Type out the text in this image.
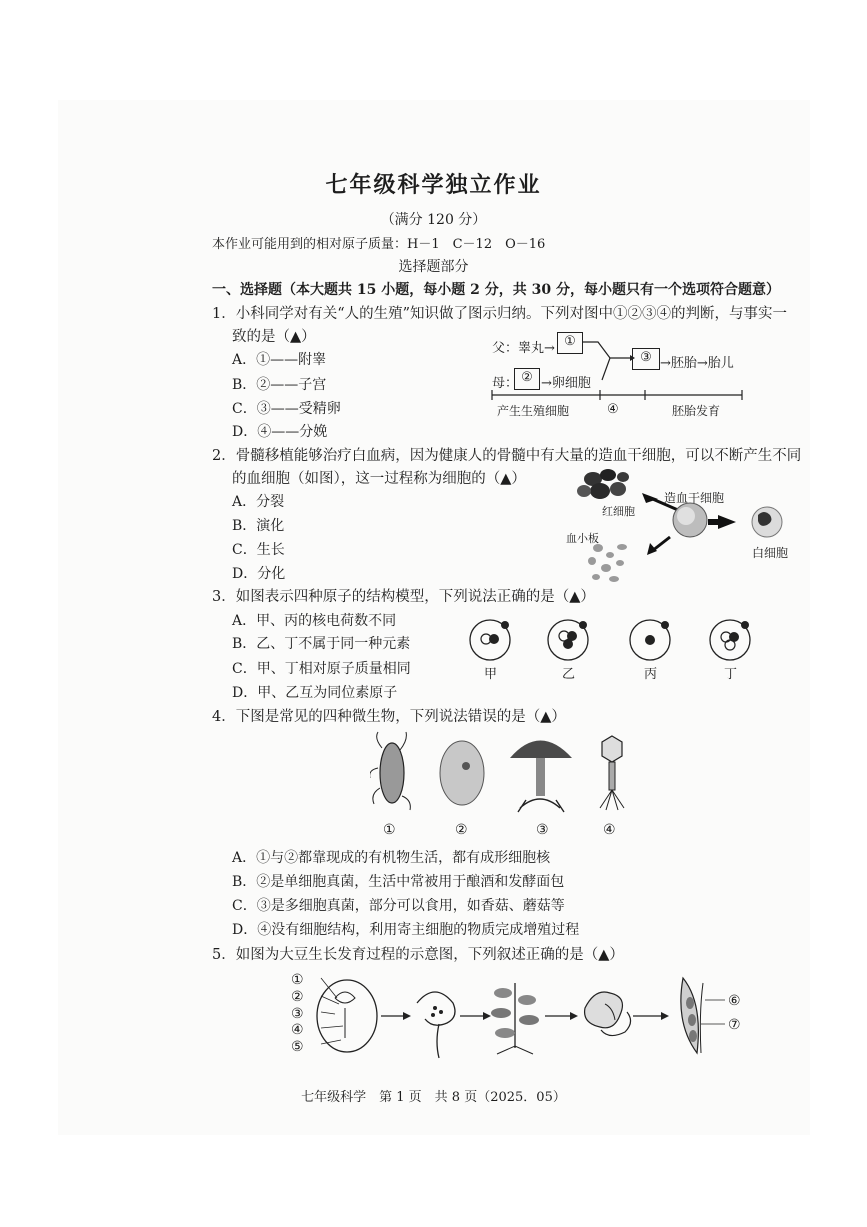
七年级科学独立作业
（满分 120 分）
本作业可能用到的相对原子质量：H－1　C－12　O－16
选择题部分
一、选择题（本大题共 15 小题，每小题 2 分，共 30 分，每小题只有一个选项符合题意）
1．小科同学对有关“人的生殖”知识做了图示归纳。下列对图中①②③④的判断，与事实一
致的是（▲）
A．①——附睾
B．②——子宫
C．③——受精卵
D．④——分娩
父：睾丸→ ①
母： ② →卵细胞
③ →胚胎→胎儿
产生生殖细胞	④	胚胎发育
2．骨髓移植能够治疗白血病，因为健康人的骨髓中有大量的造血干细胞，可以不断产生不同
的血细胞（如图），这一过程称为细胞的（▲）
A．分裂
B．演化
C．生长
D．分化
造血干细胞
红细胞
血小板
白细胞
3．如图表示四种原子的结构模型，下列说法正确的是（▲）
A．甲、丙的核电荷数不同
B．乙、丁不属于同一种元素
C．甲、丁相对原子质量相同
D．甲、乙互为同位素原子
甲	乙	丙	丁
4．下图是常见的四种微生物，下列说法错误的是（▲）
①	②	③	④
A．①与②都靠现成的有机物生活，都有成形细胞核
B．②是单细胞真菌，生活中常被用于酿酒和发酵面包
C．③是多细胞真菌，部分可以食用，如香菇、蘑菇等
D．④没有细胞结构，利用寄主细胞的物质完成增殖过程
5．如图为大豆生长发育过程的示意图，下列叙述正确的是（▲）
①
②
③
④
⑤
⑥
⑦
七年级科学　第 1 页　共 8 页（2025．05）
